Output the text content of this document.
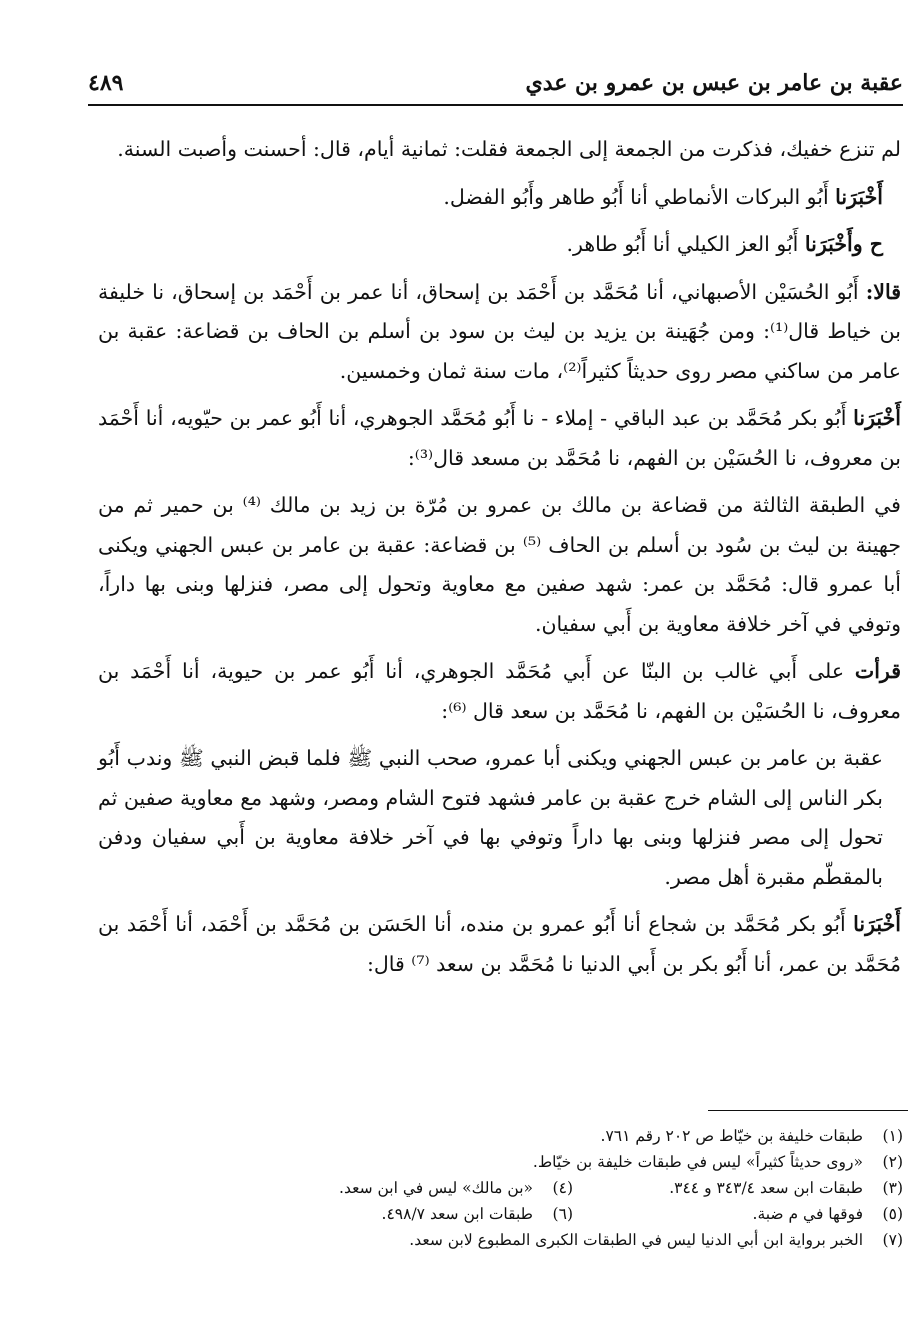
عقبة بن عامر بن عبس بن عمرو بن عدي
٤٨٩

لم تنزع خفيك، فذكرت من الجمعة إلى الجمعة فقلت: ثمانية أيام، قال: أحسنت وأصبت السنة.

أَخْبَرَنا أَبُو البركات الأنماطي أنا أَبُو طاهر وأَبُو الفضل.

ح وأَخْبَرَنا أَبُو العز الكيلي أنا أَبُو طاهر.

قالا: أَبُو الحُسَيْن الأصبهاني، أنا مُحَمَّد بن أَحْمَد بن إسحاق، أنا عمر بن أَحْمَد بن إسحاق، نا خليفة بن خياط قال⁽¹⁾: ومن جُهَينة بن يزيد بن ليث بن سود بن أسلم بن الحاف بن قضاعة: عقبة بن عامر من ساكني مصر روى حديثاً كثيراً⁽²⁾، مات سنة ثمان وخمسين.

أَخْبَرَنا أَبُو بكر مُحَمَّد بن عبد الباقي - إملاء - نا أَبُو مُحَمَّد الجوهري، أنا أَبُو عمر بن حيّويه، أنا أَحْمَد بن معروف، نا الحُسَيْن بن الفهم، نا مُحَمَّد بن مسعد قال⁽³⁾:

في الطبقة الثالثة من قضاعة بن مالك بن عمرو بن مُرّة بن زيد بن مالك ⁽⁴⁾ بن حمير ثم من جهينة بن ليث بن سُود بن أسلم بن الحاف ⁽⁵⁾ بن قضاعة: عقبة بن عامر بن عبس الجهني ويكنى أبا عمرو قال: مُحَمَّد بن عمر: شهد صفين مع معاوية وتحول إلى مصر، فنزلها وبنى بها داراً، وتوفي في آخر خلافة معاوية بن أَبي سفيان.

قرأت على أَبي غالب بن البنّا عن أَبي مُحَمَّد الجوهري، أنا أَبُو عمر بن حيوية، أنا أَحْمَد بن معروف، نا الحُسَيْن بن الفهم، نا مُحَمَّد بن سعد قال ⁽⁶⁾:

عقبة بن عامر بن عبس الجهني ويكنى أبا عمرو، صحب النبي ﷺ فلما قبض النبي ﷺ وندب أَبُو بكر الناس إلى الشام خرج عقبة بن عامر فشهد فتوح الشام ومصر، وشهد مع معاوية صفين ثم تحول إلى مصر فنزلها وبنى بها داراً وتوفي بها في آخر خلافة معاوية بن أَبي سفيان ودفن بالمقطّم مقبرة أهل مصر.

أَخْبَرَنا أَبُو بكر مُحَمَّد بن شجاع أنا أَبُو عمرو بن منده، أنا الحَسَن بن مُحَمَّد بن أَحْمَد، أنا أَحْمَد بن مُحَمَّد بن عمر، أنا أَبُو بكر بن أَبي الدنيا نا مُحَمَّد بن سعد ⁽⁷⁾ قال:

(١)
طبقات خليفة بن خيّاط ص ٢٠٢ رقم ٧٦١.
(٢)
«روى حديثاً كثيراً» ليس في طبقات خليفة بن خيّاط.
(٣)
طبقات ابن سعد ٣٤٣/٤ و ٣٤٤.
(٤)
«بن مالك» ليس في ابن سعد.
(٥)
فوقها في م ضبة.
(٦)
طبقات ابن سعد ٤٩٨/٧.
(٧)
الخبر برواية ابن أبي الدنيا ليس في الطبقات الكبرى المطبوع لابن سعد.
